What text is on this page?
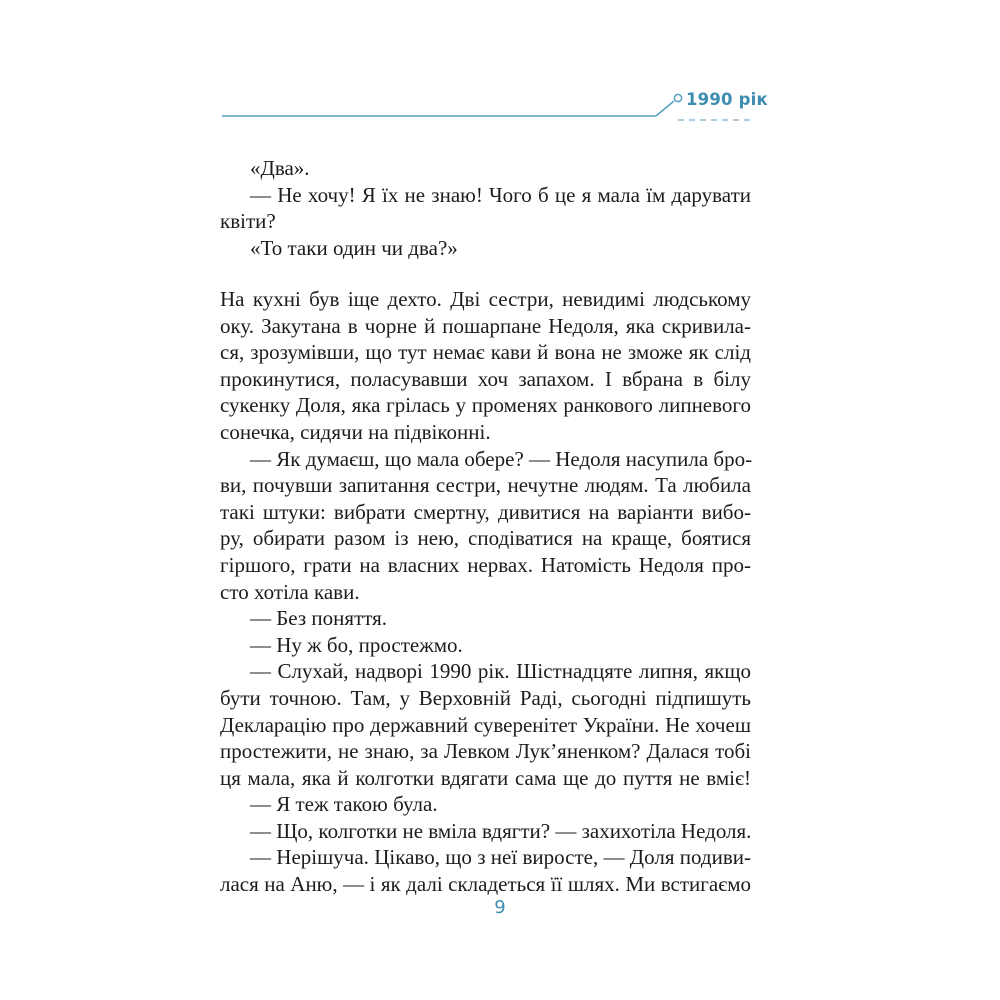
1990 рік
«Два».
— Не хочу! Я їх не знаю! Чого б це я мала їм дарувати
квіти?
«То таки один чи два?»
На кухні був іще дехто. Дві сестри, невидимі людському
оку. Закутана в чорне й пошарпане Недоля, яка скривила-
ся, зрозумівши, що тут немає кави й вона не зможе як слід
прокинутися, поласувавши хоч запахом. І вбрана в білу
сукенку Доля, яка грілась у променях ранкового липневого
сонечка, сидячи на підвіконні.
— Як думаєш, що мала обере? — Недоля насупила бро-
ви, почувши запитання сестри, нечутне людям. Та любила
такі штуки: вибрати смертну, дивитися на варіанти вибо-
ру, обирати разом із нею, сподіватися на краще, боятися
гіршого, грати на власних нервах. Натомість Недоля про-
сто хотіла кави.
— Без поняття.
— Ну ж бо, простежмо.
— Слухай, надворі 1990 рік. Шістнадцяте липня, якщо
бути точною. Там, у Верховній Раді, сьогодні підпишуть
Декларацію про державний суверенітет України. Не хочеш
простежити, не знаю, за Левком Лук’яненком? Далася тобі
ця мала, яка й колготки вдягати сама ще до пуття не вміє!
— Я теж такою була.
— Що, колготки не вміла вдягти? — захихотіла Недоля.
— Нерішуча. Цікаво, що з неї виросте, — Доля подиви-
лася на Аню, — і як далі складеться її шлях. Ми встигаємо
9
